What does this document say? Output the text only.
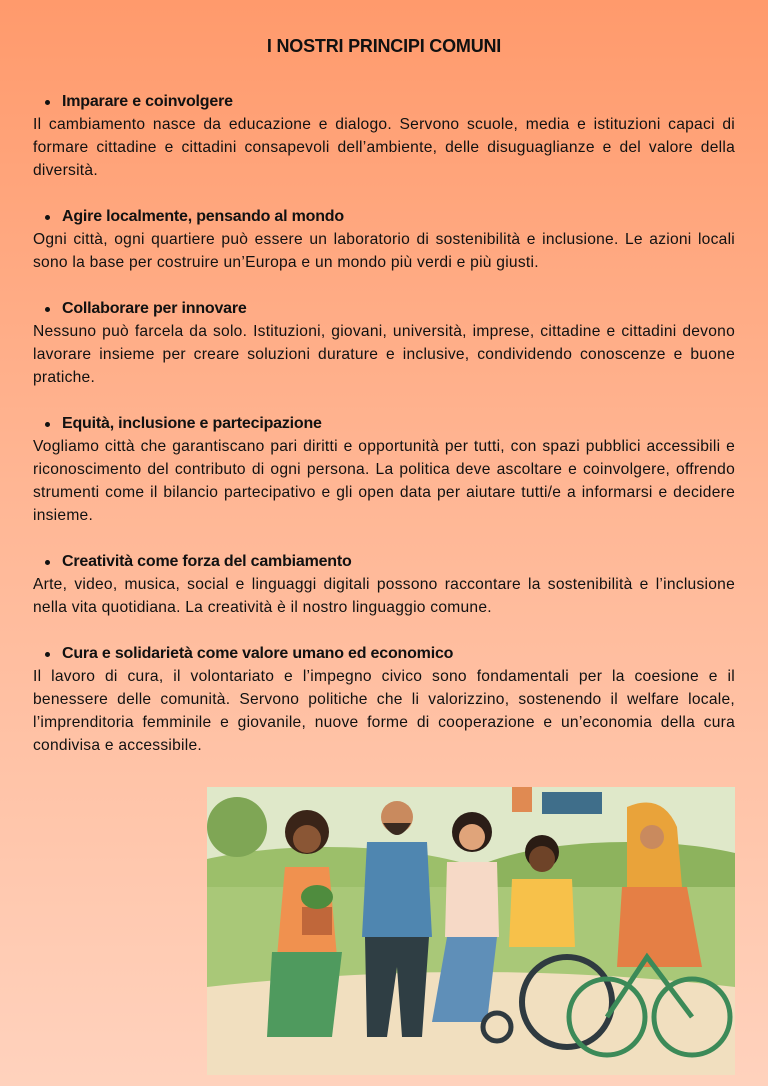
I NOSTRI PRINCIPI COMUNI
Imparare e coinvolgere
Il cambiamento nasce da educazione e dialogo. Servono scuole, media e istituzioni capaci di formare cittadine e cittadini consapevoli dell’ambiente, delle disuguaglianze e del valore della diversità.
Agire localmente, pensando al mondo
Ogni città, ogni quartiere può essere un laboratorio di sostenibilità e inclusione. Le azioni locali sono la base per costruire un’Europa e un mondo più verdi e più giusti.
Collaborare per innovare
Nessuno può farcela da solo. Istituzioni, giovani, università, imprese, cittadine e cittadini devono lavorare insieme per creare soluzioni durature e inclusive, condividendo conoscenze e buone pratiche.
Equità, inclusione e partecipazione
Vogliamo città che garantiscano pari diritti e opportunità per tutti, con spazi pubblici accessibili e riconoscimento del contributo di ogni persona. La politica deve ascoltare e coinvolgere, offrendo strumenti come il bilancio partecipativo e gli open data per aiutare tutti/e a informarsi e decidere insieme.
Creatività come forza del cambiamento
Arte, video, musica, social e linguaggi digitali possono raccontare la sostenibilità e l’inclusione nella vita quotidiana. La creatività è il nostro linguaggio comune.
Cura e solidarietà come valore umano ed economico
Il lavoro di cura, il volontariato e l’impegno civico sono fondamentali per la coesione e il benessere delle comunità. Servono politiche che li valorizzino, sostenendo il welfare locale, l’imprenditoria femminile e giovanile, nuove forme di cooperazione e un’economia della cura condivisa e accessibile.
